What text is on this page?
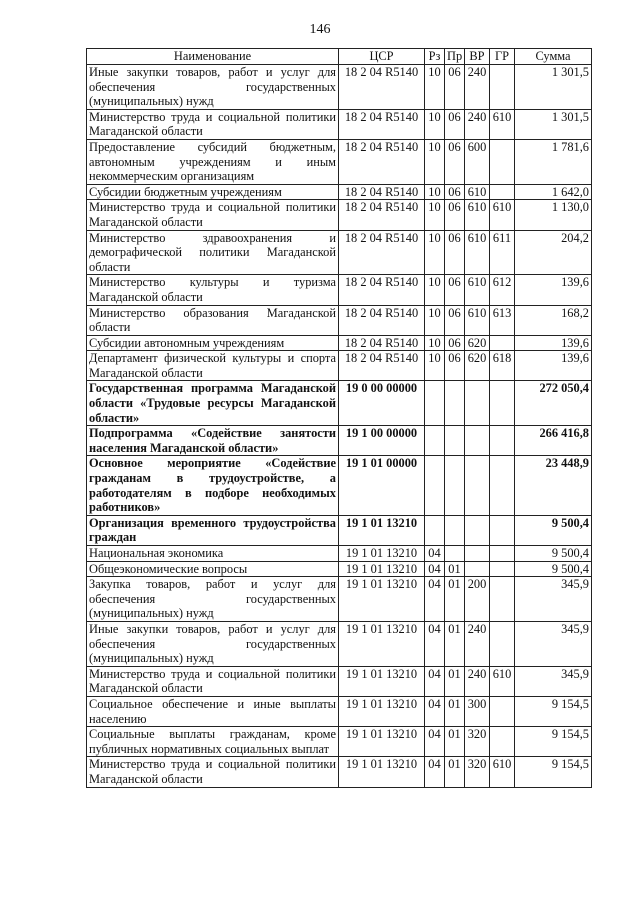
146
Наименование	ЦСР	Рз	Пр	ВР	ГР	Сумма
Иные закупки товаров, работ и услуг для обеспечения государственных (муниципальных) нужд	18 2 04 R5140	10	06	240		1 301,5
Министерство труда и социальной политики Магаданской области	18 2 04 R5140	10	06	240	610	1 301,5
Предоставление субсидий бюджетным, автономным учреждениям и иным некоммерческим организациям	18 2 04 R5140	10	06	600		1 781,6
Субсидии бюджетным учреждениям	18 2 04 R5140	10	06	610		1 642,0
Министерство труда и социальной политики Магаданской области	18 2 04 R5140	10	06	610	610	1 130,0
Министерство здравоохранения и демографической политики Магаданской области	18 2 04 R5140	10	06	610	611	204,2
Министерство культуры и туризма Магаданской области	18 2 04 R5140	10	06	610	612	139,6
Министерство образования Магаданской области	18 2 04 R5140	10	06	610	613	168,2
Субсидии автономным учреждениям	18 2 04 R5140	10	06	620		139,6
Департамент физической культуры и спорта Магаданской области	18 2 04 R5140	10	06	620	618	139,6
Государственная программа Магаданской области «Трудовые ресурсы Магаданской области»	19 0 00 00000					272 050,4
Подпрограмма «Содействие занятости населения Магаданской области»	19 1 00 00000					266 416,8
Основное мероприятие «Содействие гражданам в трудоустройстве, а работодателям в подборе необходимых работников»	19 1 01 00000					23 448,9
Организация временного трудоустройства граждан	19 1 01 13210					9 500,4
Национальная экономика	19 1 01 13210	04				9 500,4
Общеэкономические вопросы	19 1 01 13210	04	01			9 500,4
Закупка товаров, работ и услуг для обеспечения государственных (муниципальных) нужд	19 1 01 13210	04	01	200		345,9
Иные закупки товаров, работ и услуг для обеспечения государственных (муниципальных) нужд	19 1 01 13210	04	01	240		345,9
Министерство труда и социальной политики Магаданской области	19 1 01 13210	04	01	240	610	345,9
Социальное обеспечение и иные выплаты населению	19 1 01 13210	04	01	300		9 154,5
Социальные выплаты гражданам, кроме публичных нормативных социальных выплат	19 1 01 13210	04	01	320		9 154,5
Министерство труда и социальной политики Магаданской области	19 1 01 13210	04	01	320	610	9 154,5
